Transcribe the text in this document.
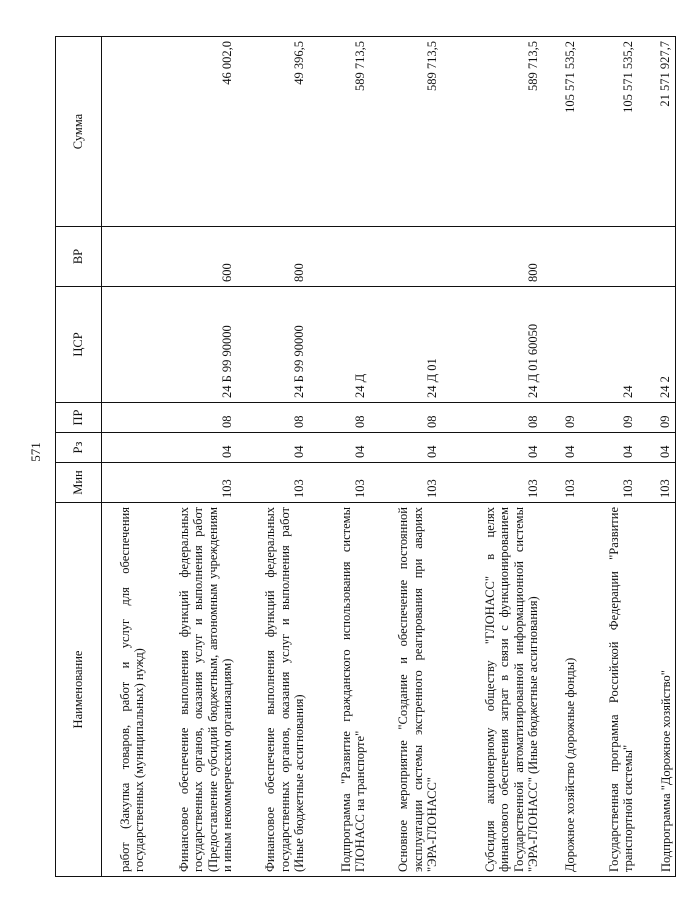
571
Наименование	Мин	Рз	ПР	ЦСР	ВР	Сумма
работ (Закупка товаров, работ и услуг для обеспечения государственных (муниципальных) нужд)						
Финансовое обеспечение выполнения функций федеральных государственных органов, оказания услуг и выполнения работ (Предоставление субсидий бюджетным, автономным учреждениям и иным некоммерческим организациям)	103	04	08	24 Б 99 90000	600	46 002,0
Финансовое обеспечение выполнения функций федеральных государственных органов, оказания услуг и выполнения работ (Иные бюджетные ассигнования)	103	04	08	24 Б 99 90000	800	49 396,5
Подпрограмма "Развитие гражданского использования системы ГЛОНАСС на транспорте"	103	04	08	24 Д		589 713,5
Основное мероприятие "Создание и обеспечение постоянной эксплуатации системы экстренного реагирования при авариях "ЭРА-ГЛОНАСС"	103	04	08	24 Д 01		589 713,5
Субсидия акционерному обществу "ГЛОНАСС" в целях финансового обеспечения затрат в связи с функционированием Государственной автоматизированной информационной системы "ЭРА-ГЛОНАСС" (Иные бюджетные ассигнования)	103	04	08	24 Д 01 60050	800	589 713,5
Дорожное хозяйство (дорожные фонды)	103	04	09			105 571 535,2
Государственная программа Российской Федерации "Развитие транспортной системы"	103	04	09	24		105 571 535,2
Подпрограмма "Дорожное хозяйство"	103	04	09	24 2		21 571 927,7
